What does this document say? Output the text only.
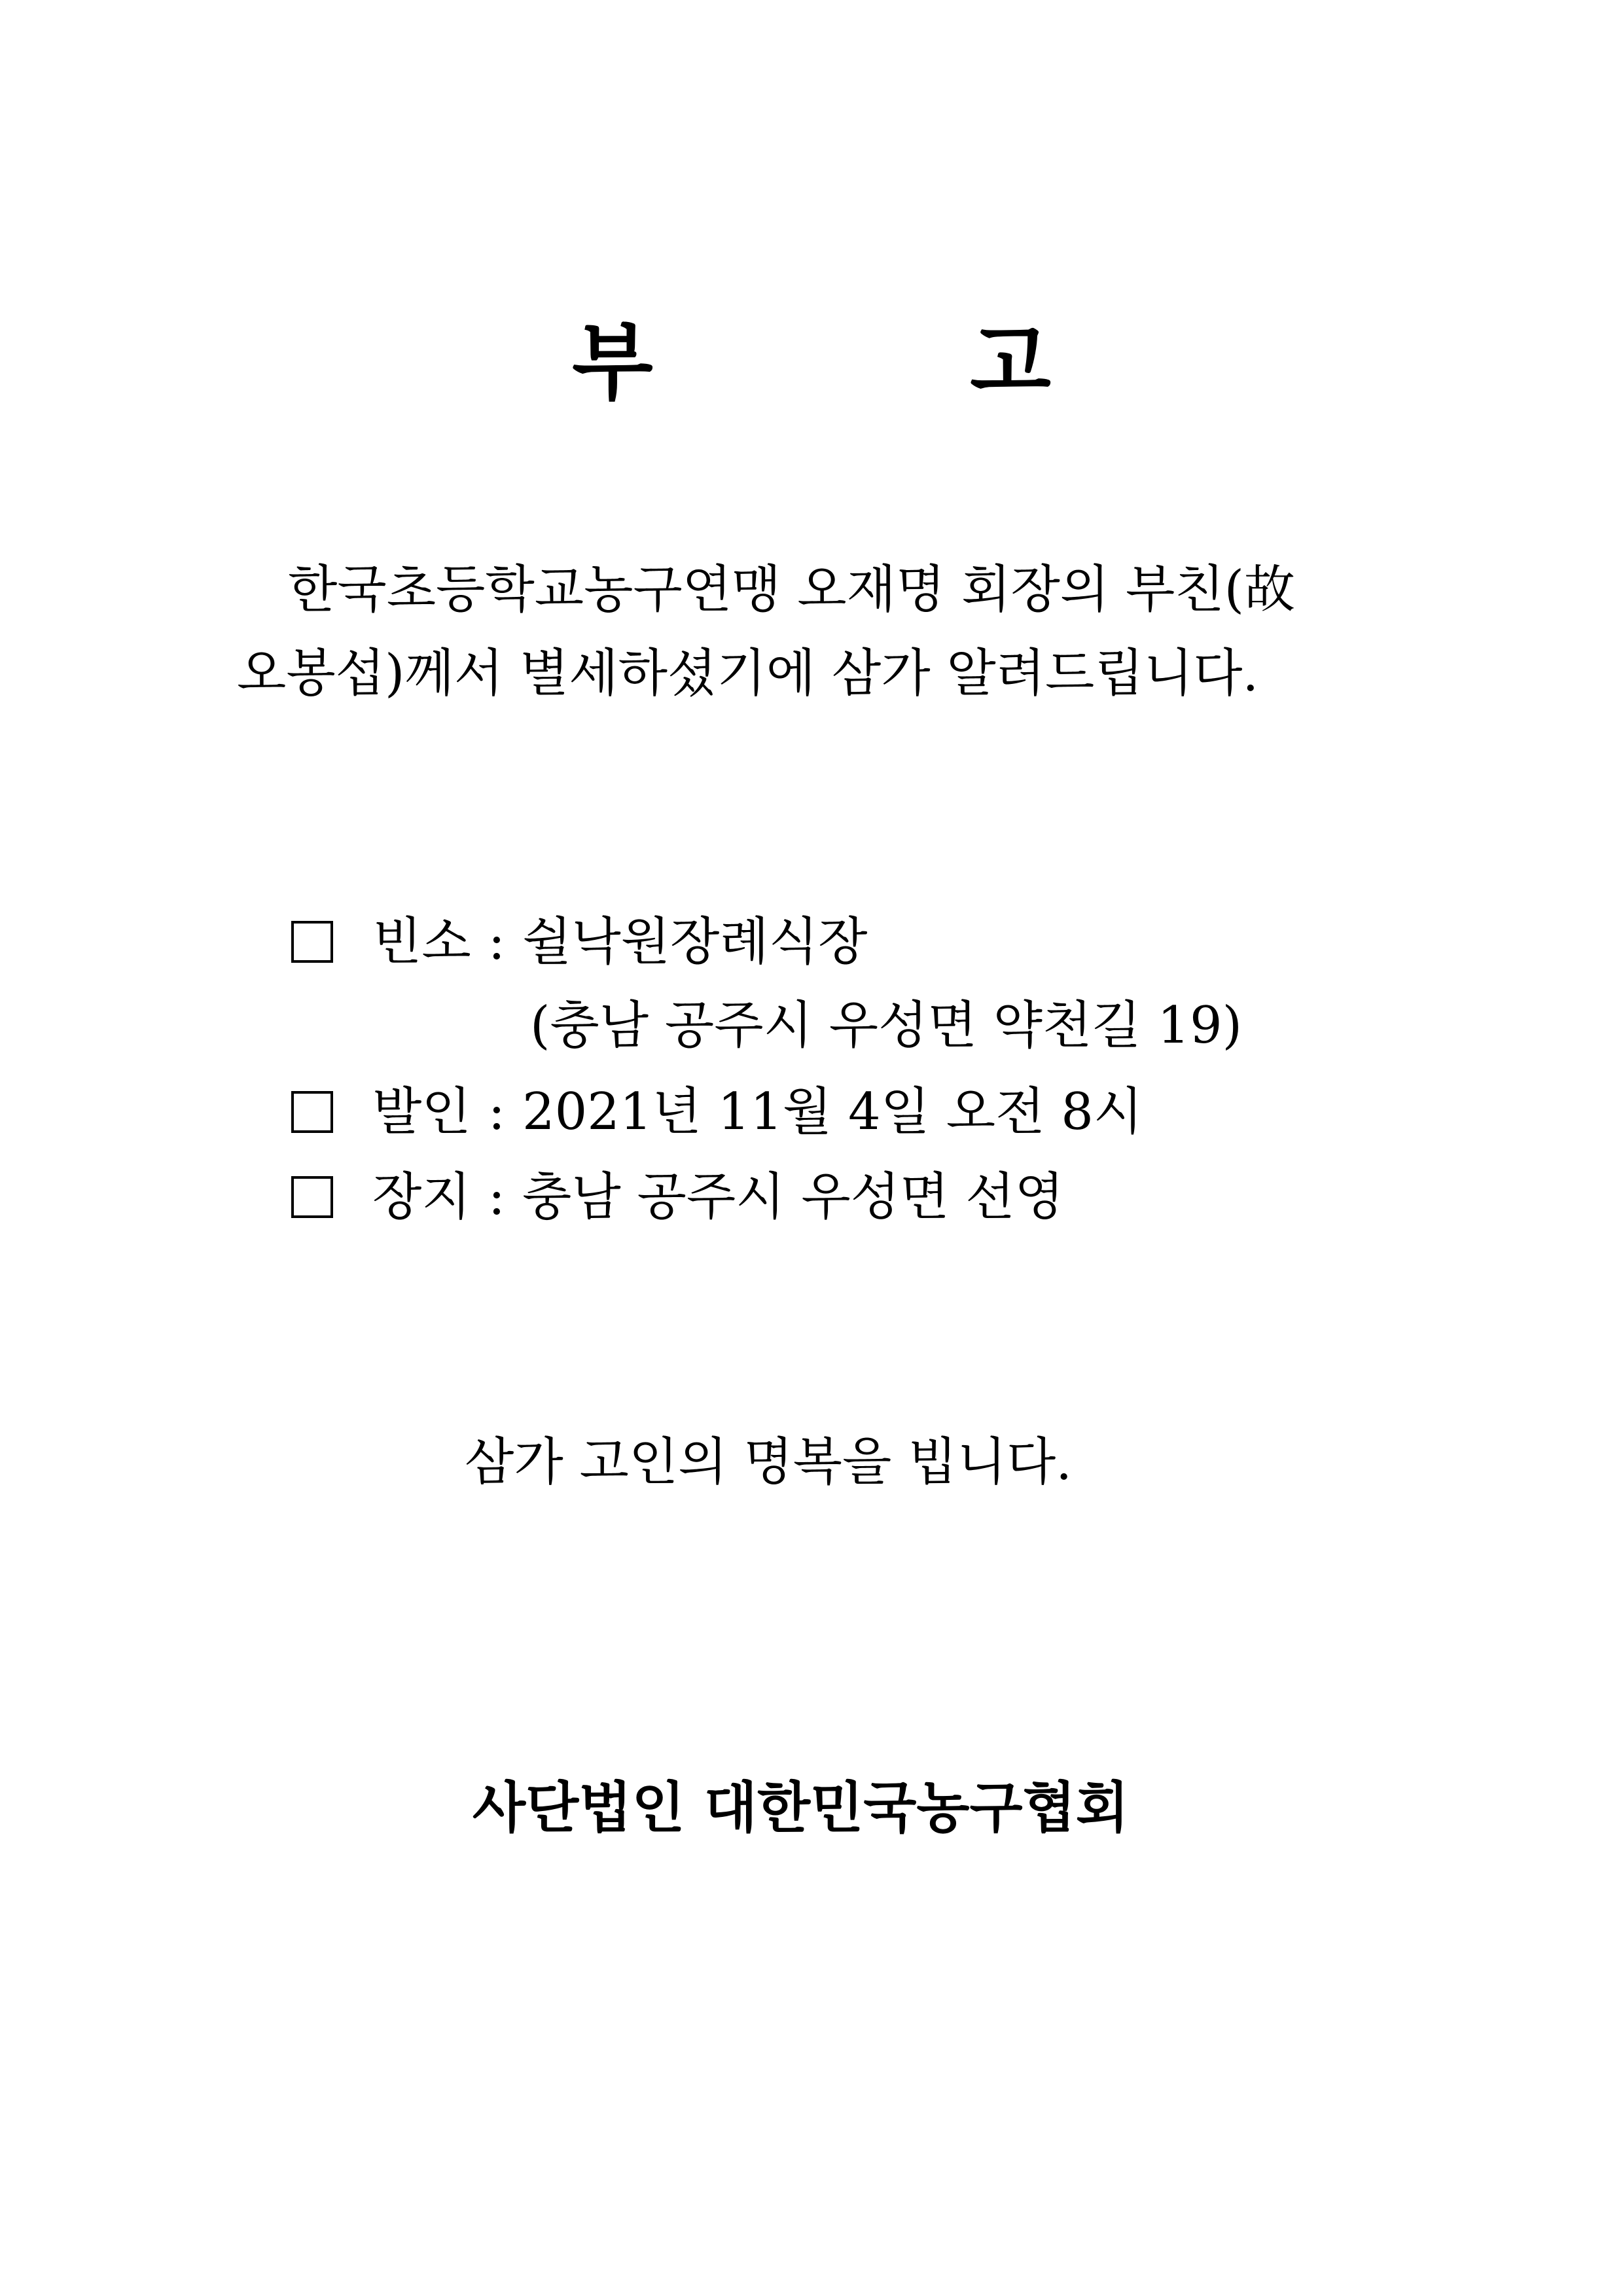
부 고
한국초등학교농구연맹 오재명 회장의 부친(故
오봉섭)께서 별세하셨기에 삼가 알려드립니다.
빈소 : 쉴낙원장례식장
(충남 공주시 우성면 약천길 19)
발인 : 2021년 11월 4일 오전 8시
장지 : 충남 공주시 우성면 선영
삼가 고인의 명복을 빕니다.
사단법인 대한민국농구협회
